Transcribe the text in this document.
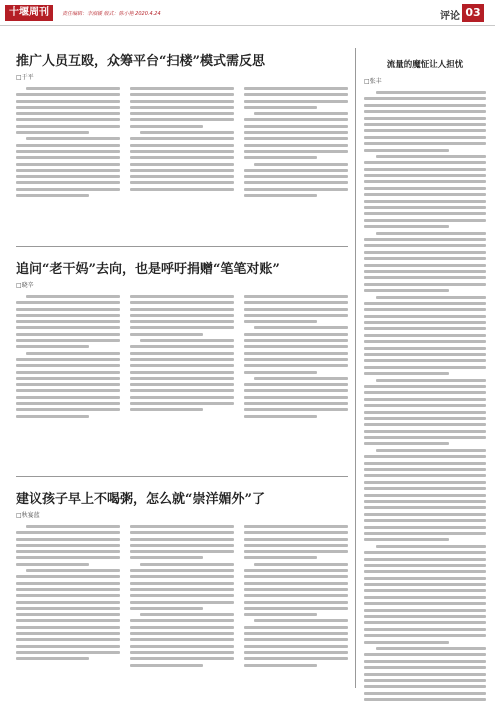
十堰周刊	责任编辑：李淑媛 版式：陈小艳 2020.4.24	评论 03
推广人员互殴，众筹平台“扫楼”模式需反思
□于平
追问“老干妈”去向，也是呼吁捐赠“笔笔对账”
□晓辛
建议孩子早上不喝粥，怎么就“崇洋媚外”了
□秋宴蓝
流量的魔怔让人担忧
□张丰
